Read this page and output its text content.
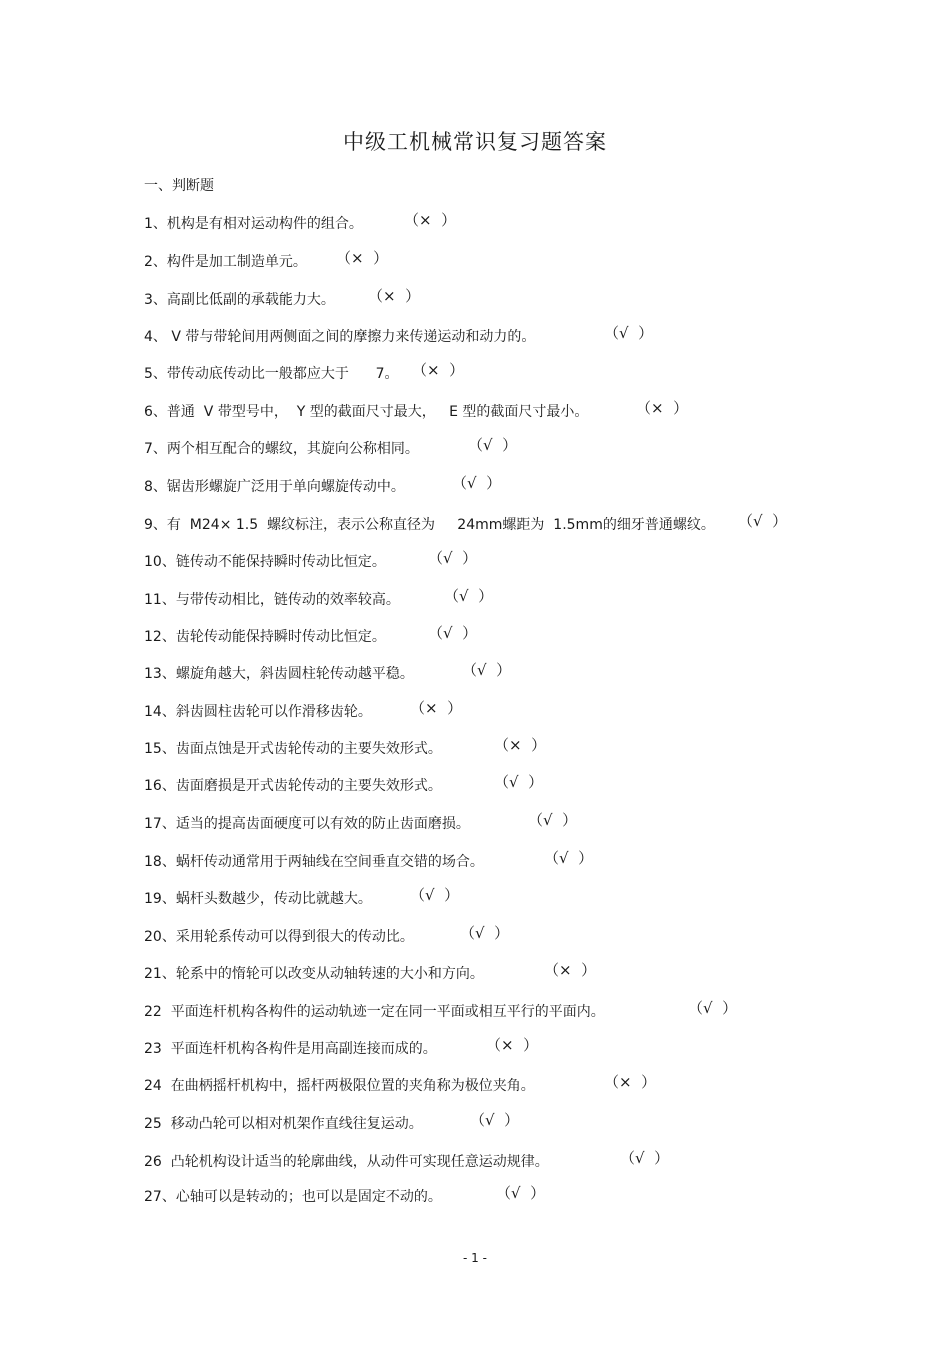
中级工机械常识复习题答案
一、判断题
1、机构是有相对运动构件的组合。	（×  ）
2、构件是加工制造单元。 （×  ）
3、高副比低副的承载能力大。 （×  ）
4、 V 带与带轮间用两侧面之间的摩擦力来传递运动和动力的。	（√  ）
5、带传动底传动比一般都应大于      7。 （×  ）
6、普通  V 带型号中，  Y 型的截面尺寸最大，   E 型的截面尺寸最小。	（×  ）
7、两个相互配合的螺纹，其旋向公称相同。	（√  ）
8、锯齿形螺旋广泛用于单向螺旋传动中。	（√  ）
9、有  M24× 1.5  螺纹标注，表示公称直径为     24mm螺距为  1.5mm的细牙普通螺纹。 （√  ）
10、链传动不能保持瞬时传动比恒定。	（√  ）
11、与带传动相比，链传动的效率较高。	（√  ）
12、齿轮传动能保持瞬时传动比恒定。	（√  ）
13、螺旋角越大，斜齿圆柱轮传动越平稳。	（√  ）
14、斜齿圆柱齿轮可以作滑移齿轮。	（×  ）
15、齿面点蚀是开式齿轮传动的主要失效形式。	（×  ）
16、齿面磨损是开式齿轮传动的主要失效形式。	（√  ）
17、适当的提高齿面硬度可以有效的防止齿面磨损。	（√  ）
18、蜗杆传动通常用于两轴线在空间垂直交错的场合。	（√  ）
19、蜗杆头数越少，传动比就越大。	（√  ）
20、采用轮系传动可以得到很大的传动比。	（√  ）
21、轮系中的惰轮可以改变从动轴转速的大小和方向。	（×  ）
22  平面连杆机构各构件的运动轨迹一定在同一平面或相互平行的平面内。	（√  ）
23  平面连杆机构各构件是用高副连接而成的。	（×  ）
24  在曲柄摇杆机构中，摇杆两极限位置的夹角称为极位夹角。	（×  ）
25  移动凸轮可以相对机架作直线往复运动。	（√  ）
26  凸轮机构设计适当的轮廓曲线，从动件可实现任意运动规律。	（√  ）
27、心轴可以是转动的；也可以是固定不动的。	（√  ）
- 1 -
